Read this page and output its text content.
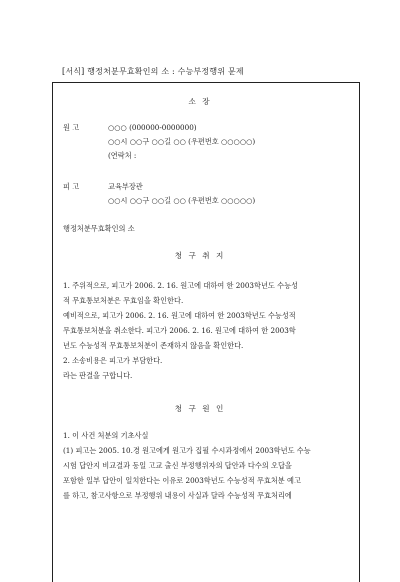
[서식] 행정처분무효확인의 소 : 수능부정행위 문제
소 장
원 고	○○○ (000000-0000000)
○○시 ○○구 ○○길 ○○ (우편번호 ○○○○○)
(연락처 :
피 고	교육부장관
○○시 ○○구 ○○길 ○○ (우편번호 ○○○○○)
행정처분무효확인의 소
청 구 취 지
1. 주위적으로, 피고가 2006. 2. 16. 원고에 대하여 한 2003학년도 수능성
적 무효통보처분은 무효임을 확인한다.
예비적으로, 피고가 2006. 2. 16. 원고에 대하여 한 2003학년도 수능성적
무효통보처분을 취소한다. 피고가 2006. 2. 16. 원고에 대하여 한 2003학
년도 수능성적 무효통보처분이 존재하지 않음을 확인한다.
2. 소송비용은 피고가 부담한다.
라는 판결을 구합니다.
청 구 원 인
1. 이 사건 처분의 기초사실
(1) 피고는 2005. 10.경 원고에게 원고가 집필 수시과정에서 2003학년도 수능
시험 답안지 비교결과 동일 고교 출신 부정행위자의 답안과 다수의 오답을
포함한 일부 답안이 일치한다는 이유로 2003학년도 수능성적 무효처분 예고
를 하고, 참고사항으로 부정행위 내용이 사실과 달라 수능성적 무효처리에
